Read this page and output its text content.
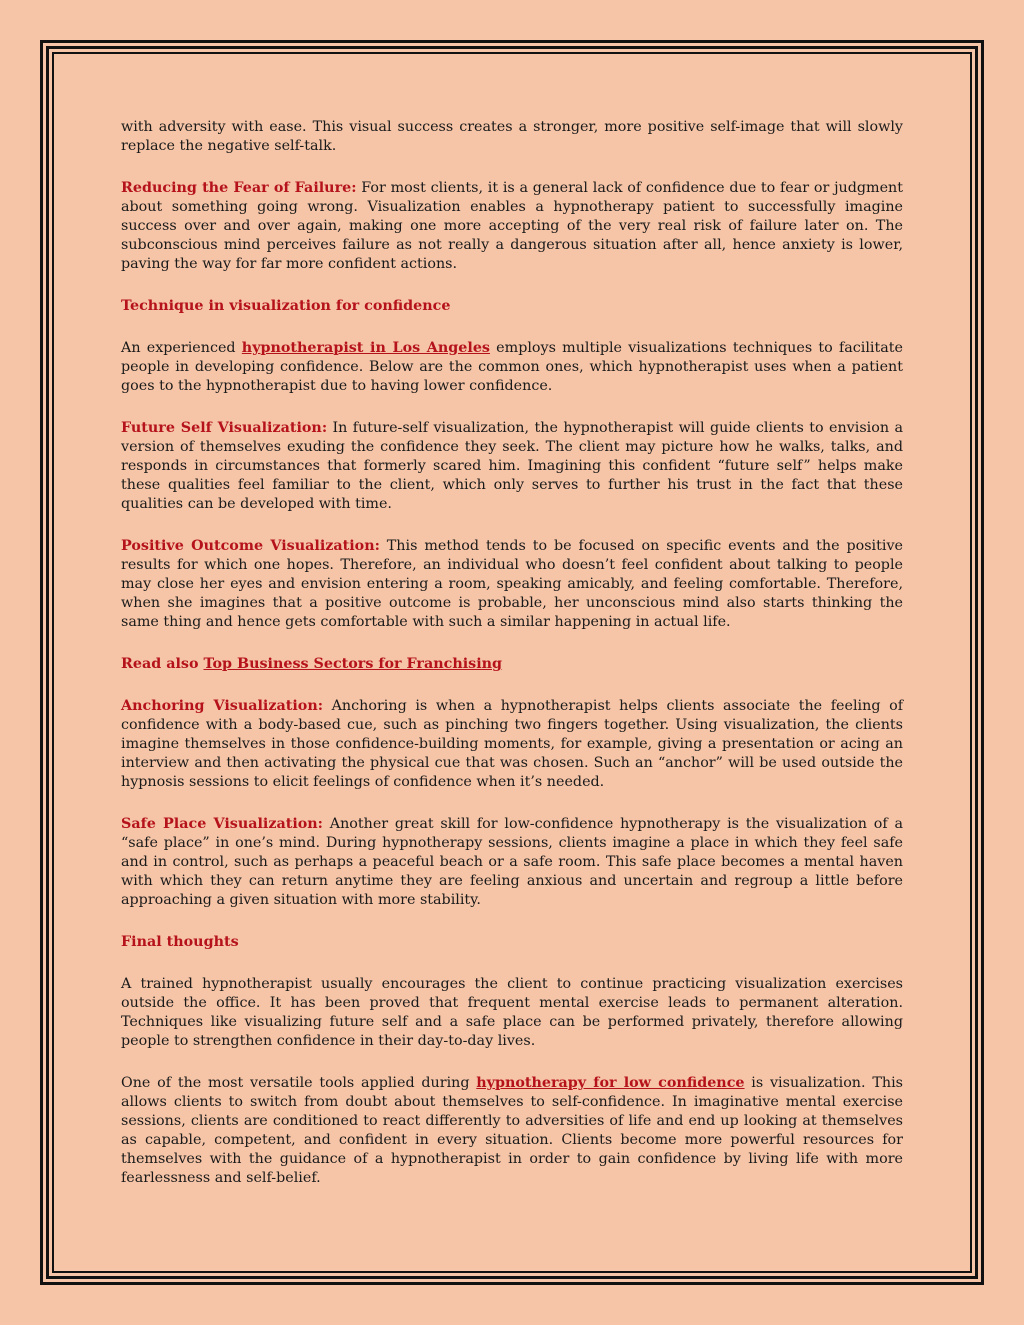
with adversity with ease. This visual success creates a stronger, more positive self-image that will slowly replace the negative self-talk.

Reducing the Fear of Failure: For most clients, it is a general lack of confidence due to fear or judgment about something going wrong. Visualization enables a hypnotherapy patient to successfully imagine success over and over again, making one more accepting of the very real risk of failure later on. The subconscious mind perceives failure as not really a dangerous situation after all, hence anxiety is lower, paving the way for far more confident actions.

Technique in visualization for confidence

An experienced hypnotherapist in Los Angeles employs multiple visualizations techniques to facilitate people in developing confidence. Below are the common ones, which hypnotherapist uses when a patient goes to the hypnotherapist due to having lower confidence.

Future Self Visualization: In future-self visualization, the hypnotherapist will guide clients to envision a version of themselves exuding the confidence they seek. The client may picture how he walks, talks, and responds in circumstances that formerly scared him. Imagining this confident “future self” helps make these qualities feel familiar to the client, which only serves to further his trust in the fact that these qualities can be developed with time.

Positive Outcome Visualization: This method tends to be focused on specific events and the positive results for which one hopes. Therefore, an individual who doesn’t feel confident about talking to people may close her eyes and envision entering a room, speaking amicably, and feeling comfortable. Therefore, when she imagines that a positive outcome is probable, her unconscious mind also starts thinking the same thing and hence gets comfortable with such a similar happening in actual life.

Read also Top Business Sectors for Franchising

Anchoring Visualization: Anchoring is when a hypnotherapist helps clients associate the feeling of confidence with a body-based cue, such as pinching two fingers together. Using visualization, the clients imagine themselves in those confidence-building moments, for example, giving a presentation or acing an interview and then activating the physical cue that was chosen. Such an “anchor” will be used outside the hypnosis sessions to elicit feelings of confidence when it’s needed.

Safe Place Visualization: Another great skill for low-confidence hypnotherapy is the visualization of a “safe place” in one’s mind. During hypnotherapy sessions, clients imagine a place in which they feel safe and in control, such as perhaps a peaceful beach or a safe room. This safe place becomes a mental haven with which they can return anytime they are feeling anxious and uncertain and regroup a little before approaching a given situation with more stability.

Final thoughts

A trained hypnotherapist usually encourages the client to continue practicing visualization exercises outside the office. It has been proved that frequent mental exercise leads to permanent alteration. Techniques like visualizing future self and a safe place can be performed privately, therefore allowing people to strengthen confidence in their day-to-day lives.

One of the most versatile tools applied during hypnotherapy for low confidence is visualization. This allows clients to switch from doubt about themselves to self-confidence. In imaginative mental exercise sessions, clients are conditioned to react differently to adversities of life and end up looking at themselves as capable, competent, and confident in every situation. Clients become more powerful resources for themselves with the guidance of a hypnotherapist in order to gain confidence by living life with more fearlessness and self-belief.
